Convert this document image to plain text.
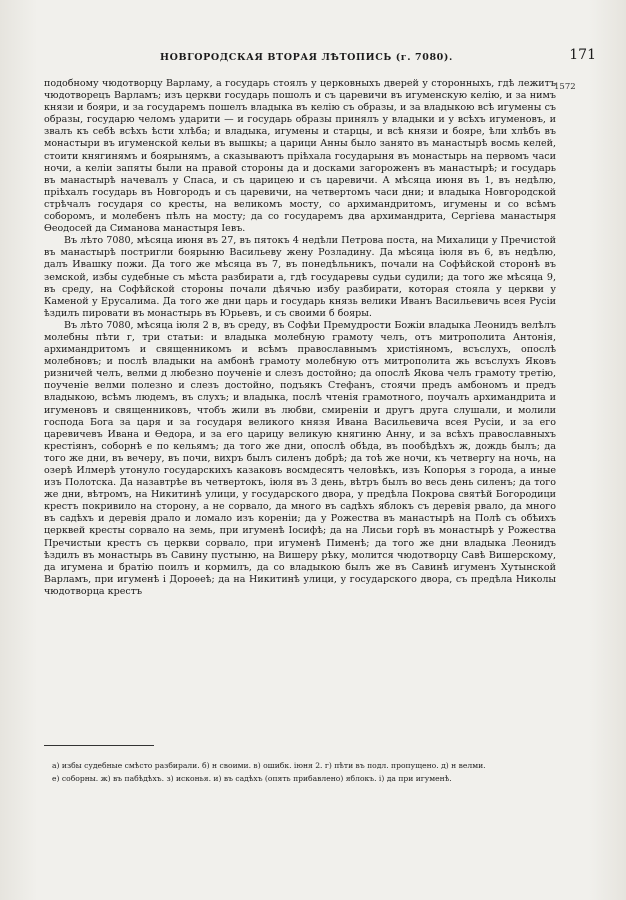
НОВГОРОДСКАЯ ВТОРАЯ ЛѢТОПИСЬ (г. 7080).	171
1572

подобному чюдотворцу Варламу, а государь стоялъ у церковныхъ дверей у сторонныхъ, гдѣ лежитъ чюдотворецъ Варламъ; изъ церкви государь пошолъ и съ царевичи въ игуменскую келію, и за нимъ князи и бояри, и за государемъ пошелъ владыка въ келію съ образы, и за владыкою всѣ игумены съ образы, государю челомъ ударити — и государь образы принялъ у владыки и у всѣхъ игуменовъ, и звалъ къ себѣ всѣхъ ѣсти хлѣба; и владыка, игумены и старцы, и всѣ князи и бояре, ѣли хлѣбъ въ монастыри въ игуменской кельи въ вышкы; а царици Анны было занято въ манастырѣ восмь келей, стоити княгинямъ и боярынямъ, а сказываютъ пріѣхала государыня въ монастырь на первомъ часи ночи, а келіи запяты были на правой стороны да и досками загороженъ въ манастырѣ; и государь въ манастырѣ начевалъ у Спаса, и съ царицею и съ царевичи. А мѣсяца июня въ 1, въ недѣлю, пріѣхалъ государь въ Новгородъ и съ царевичи, на четвертомъ часи дни; и владыка Новгородской стрѣчалъ государя со кресты, на великомъ мосту, со архимандритомъ, игумены и со всѣмъ соборомъ, и молебенъ пѣлъ на мосту; да со государемъ два архимандрита, Сергіева манастыря Ѳеодосей да Симанова манастыря Іевъ.

Въ лѣто 7080, мѣсяца июня въ 27, въ пятокъ 4 недѣли Петрова поста, на Михалици у Пречистой въ манастырѣ постригли боярыню Васильеву жену Розладину. Да мѣсяца іюля въ 6, въ недѣлю, далъ Ивашку пожи. Да того же мѣсяца въ 7, въ понедѣльникъ, почали на Софѣйской сторонѣ въ земской, избы судебные съ мѣста разбирати а, гдѣ государевы судьи судили; да того же мѣсяца 9, въ среду, на Софѣйской стороны почали дѣячью избу разбирати, которая стояла у церкви у Каменой у Ерусалима. Да того же дни царь и государь князь велики Иванъ Васильевичь всея Русіи ѣздилъ пировати въ монастырь въ Юрьевъ, и съ своими б бояры.

Въ лѣто 7080, мѣсяца іюля 2 в, въ среду, въ Софѣи Премудрости Божіи владыка Леонидъ велѣлъ молебны пѣти г, три статьи: и владыка молебную грамоту челъ, отъ митрополита Антонія, архимандритомъ и священникомъ и всѣмъ православнымъ христіяномъ, всъслухъ, опослѣ молебновъ; и послѣ владыки на амбонѣ грамоту молебную отъ митрополита жь всъслухъ Яковъ ризничей челъ, велми д любезно поученіе и слезъ достойно; да опослѣ Якова челъ грамоту третію, поученіе велми полезно и слезъ достойно, подъякъ Стефанъ, стоячи предъ амбономъ и предъ владыкою, всѣмъ людемъ, въ слухъ; и владыка, послѣ чтенія грамотного, поучалъ архимандрита и игуменовъ и священниковъ, чтобъ жили въ любви, смиреніи и другъ друга слушали, и молили господа Бога за царя и за государя великого князя Ивана Васильевича всея Русіи, и за его царевичевъ Ивана и Ѳедора, и за его царицу великую княгиню Анну, и за всѣхъ православныхъ крестіянъ, соборнѣ е по кельямъ; да того же дни, опослѣ обѣда, въ пообѣдѣхъ ж, дождь былъ; да того же дни, въ вечеру, въ почи, вихръ былъ силенъ добрѣ; да тоѣ же ночи, къ четвергу на ночь, на озерѣ Илмерѣ утонуло государскихъ казаковъ восмдесятъ человѣкъ, изъ Копорья з города, а иные изъ Полотска. Да назавтрѣе въ четвертокъ, іюля въ 3 день, вѣтръ былъ во весь день силенъ; да того же дни, вѣтромъ, на Никитинѣ улици, у государского двора, у предѣла Покрова святѣй Богородици крестъ покривило на сторону, а не сорвало, да много въ садѣхъ яблокъ съ деревія рвало, да много въ садѣхъ и деревія драло и ломало изъ кореніи; да у Рожества въ манастырѣ на Полѣ съ обѣихъ церквей кресты сорвало на земь, при игуменѣ Іосифѣ; да на Лисьи горѣ въ монастырѣ у Рожества Пречистыи крестъ съ церкви сорвало, при игуменѣ Пименѣ; да того же дни владыка Леонидъ ѣздилъ въ монастырь въ Савину пустыню, на Вишеру рѣку, молится чюдотворцу Савѣ Вишерскому, да игумена и братію поилъ и кормилъ, да со владыкою былъ же въ Савинѣ игуменъ Хутынской Варламъ, при игуменѣ і Дороѳеѣ; да на Никитинѣ улици, у государского двора, съ предѣла Николы чюдотворца крестъ

а) избы судебные смѣсто разбирали. б) н своими. в) ошибк. іюня 2. г) пѣти въ подл. пропущено. д) н велми.

е) соборны. ж) въ пабѣдѣхъ. з) исконья. и) въ садѣхъ (опять прибавлено) яблокъ. і) да при игуменѣ.
